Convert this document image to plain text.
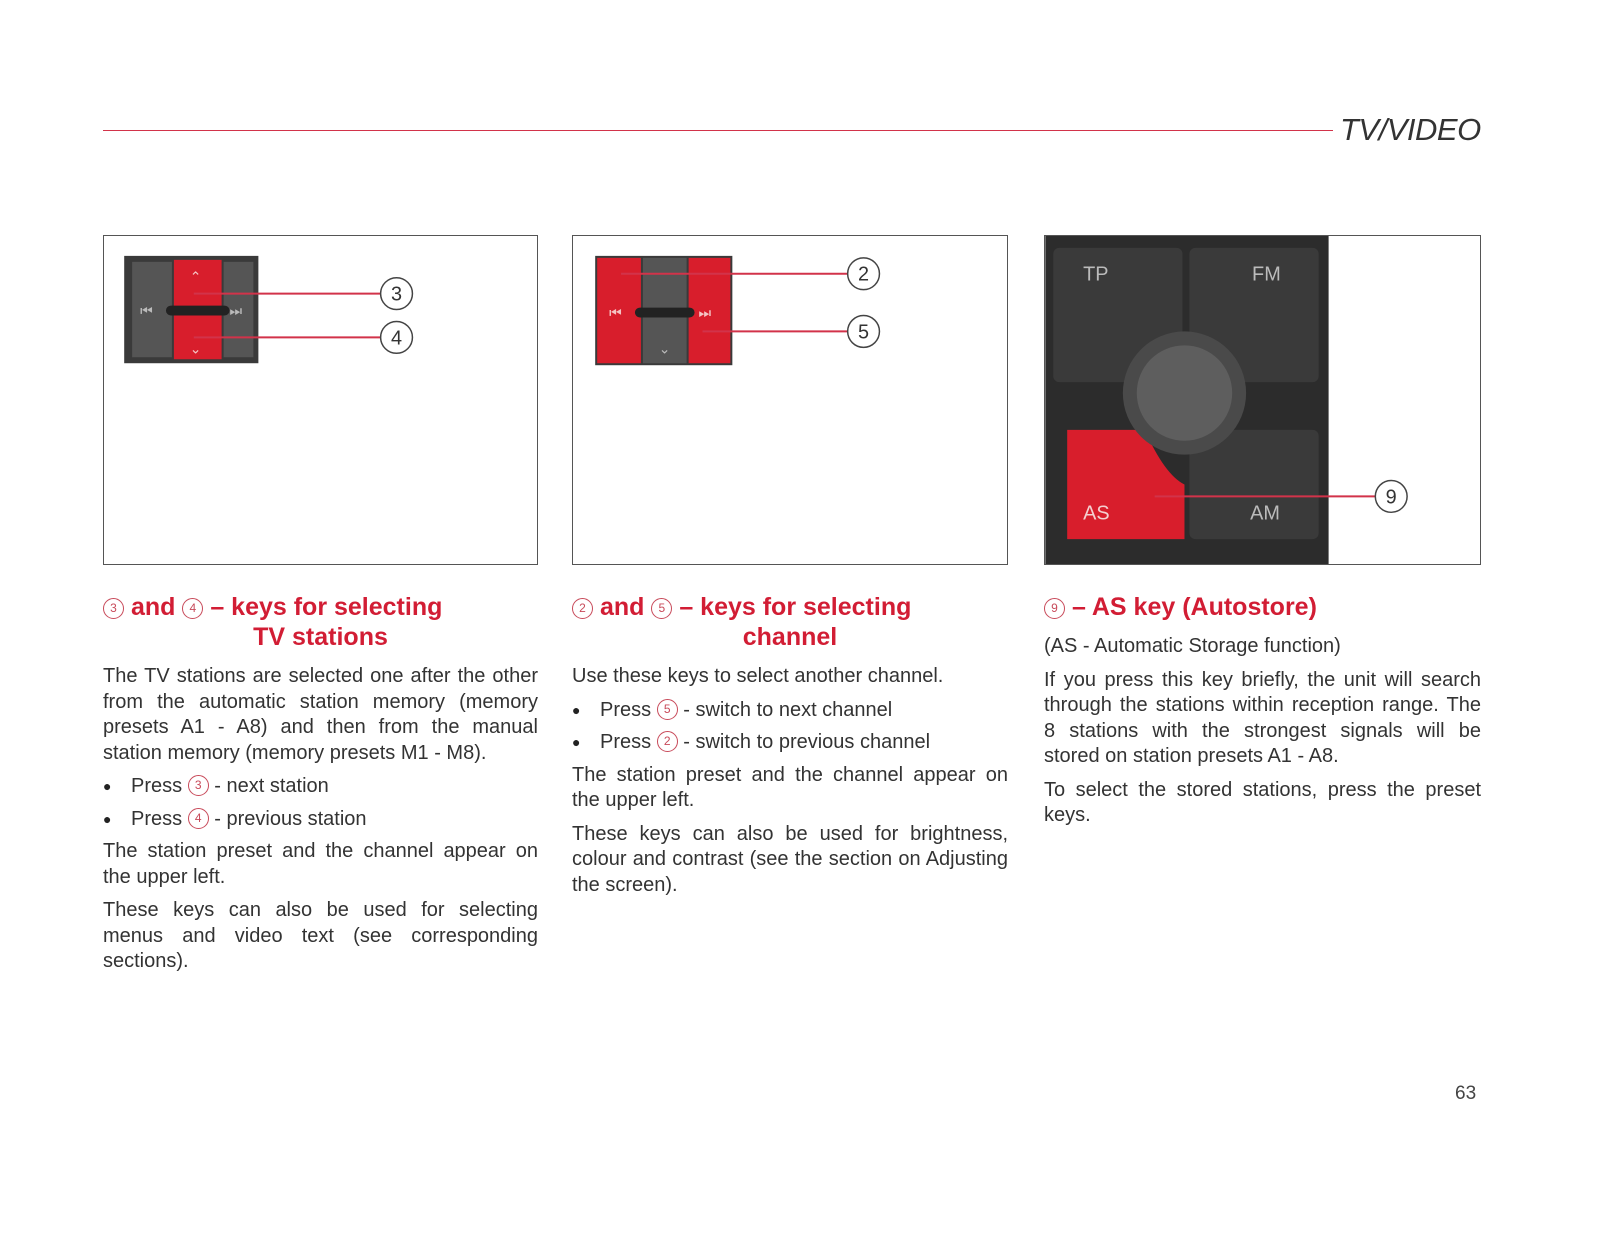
TV/VIDEO
⏮	⏭
⌃
⌄
3
4
⏮	⏭
⌄
2
5
TP	FM
AS	AM
9
3 and 4 – keys for selecting
TV stations

The TV stations are selected one after the other from the automatic station memory (memory presets A1 - A8) and then from the manual station memory (memory presets M1 - M8).

● Press 3 - next station
● Press 4 - previous station

The station preset and the channel appear on the upper left.

These keys can also be used for selecting menus and video text (see corresponding sections).

2 and 5 – keys for selecting
channel

Use these keys to select another channel.

● Press 5 - switch to next channel
● Press 2 - switch to previous channel

The station preset and the channel appear on the upper left.

These keys can also be used for brightness, colour and contrast (see the section on Adjusting the screen).

9 – AS key (Autostore)

(AS - Automatic Storage function)

If you press this key briefly, the unit will search through the stations within reception range. The 8 stations with the strongest signals will be stored on station presets A1 - A8.

To select the stored stations, press the preset keys.

63
